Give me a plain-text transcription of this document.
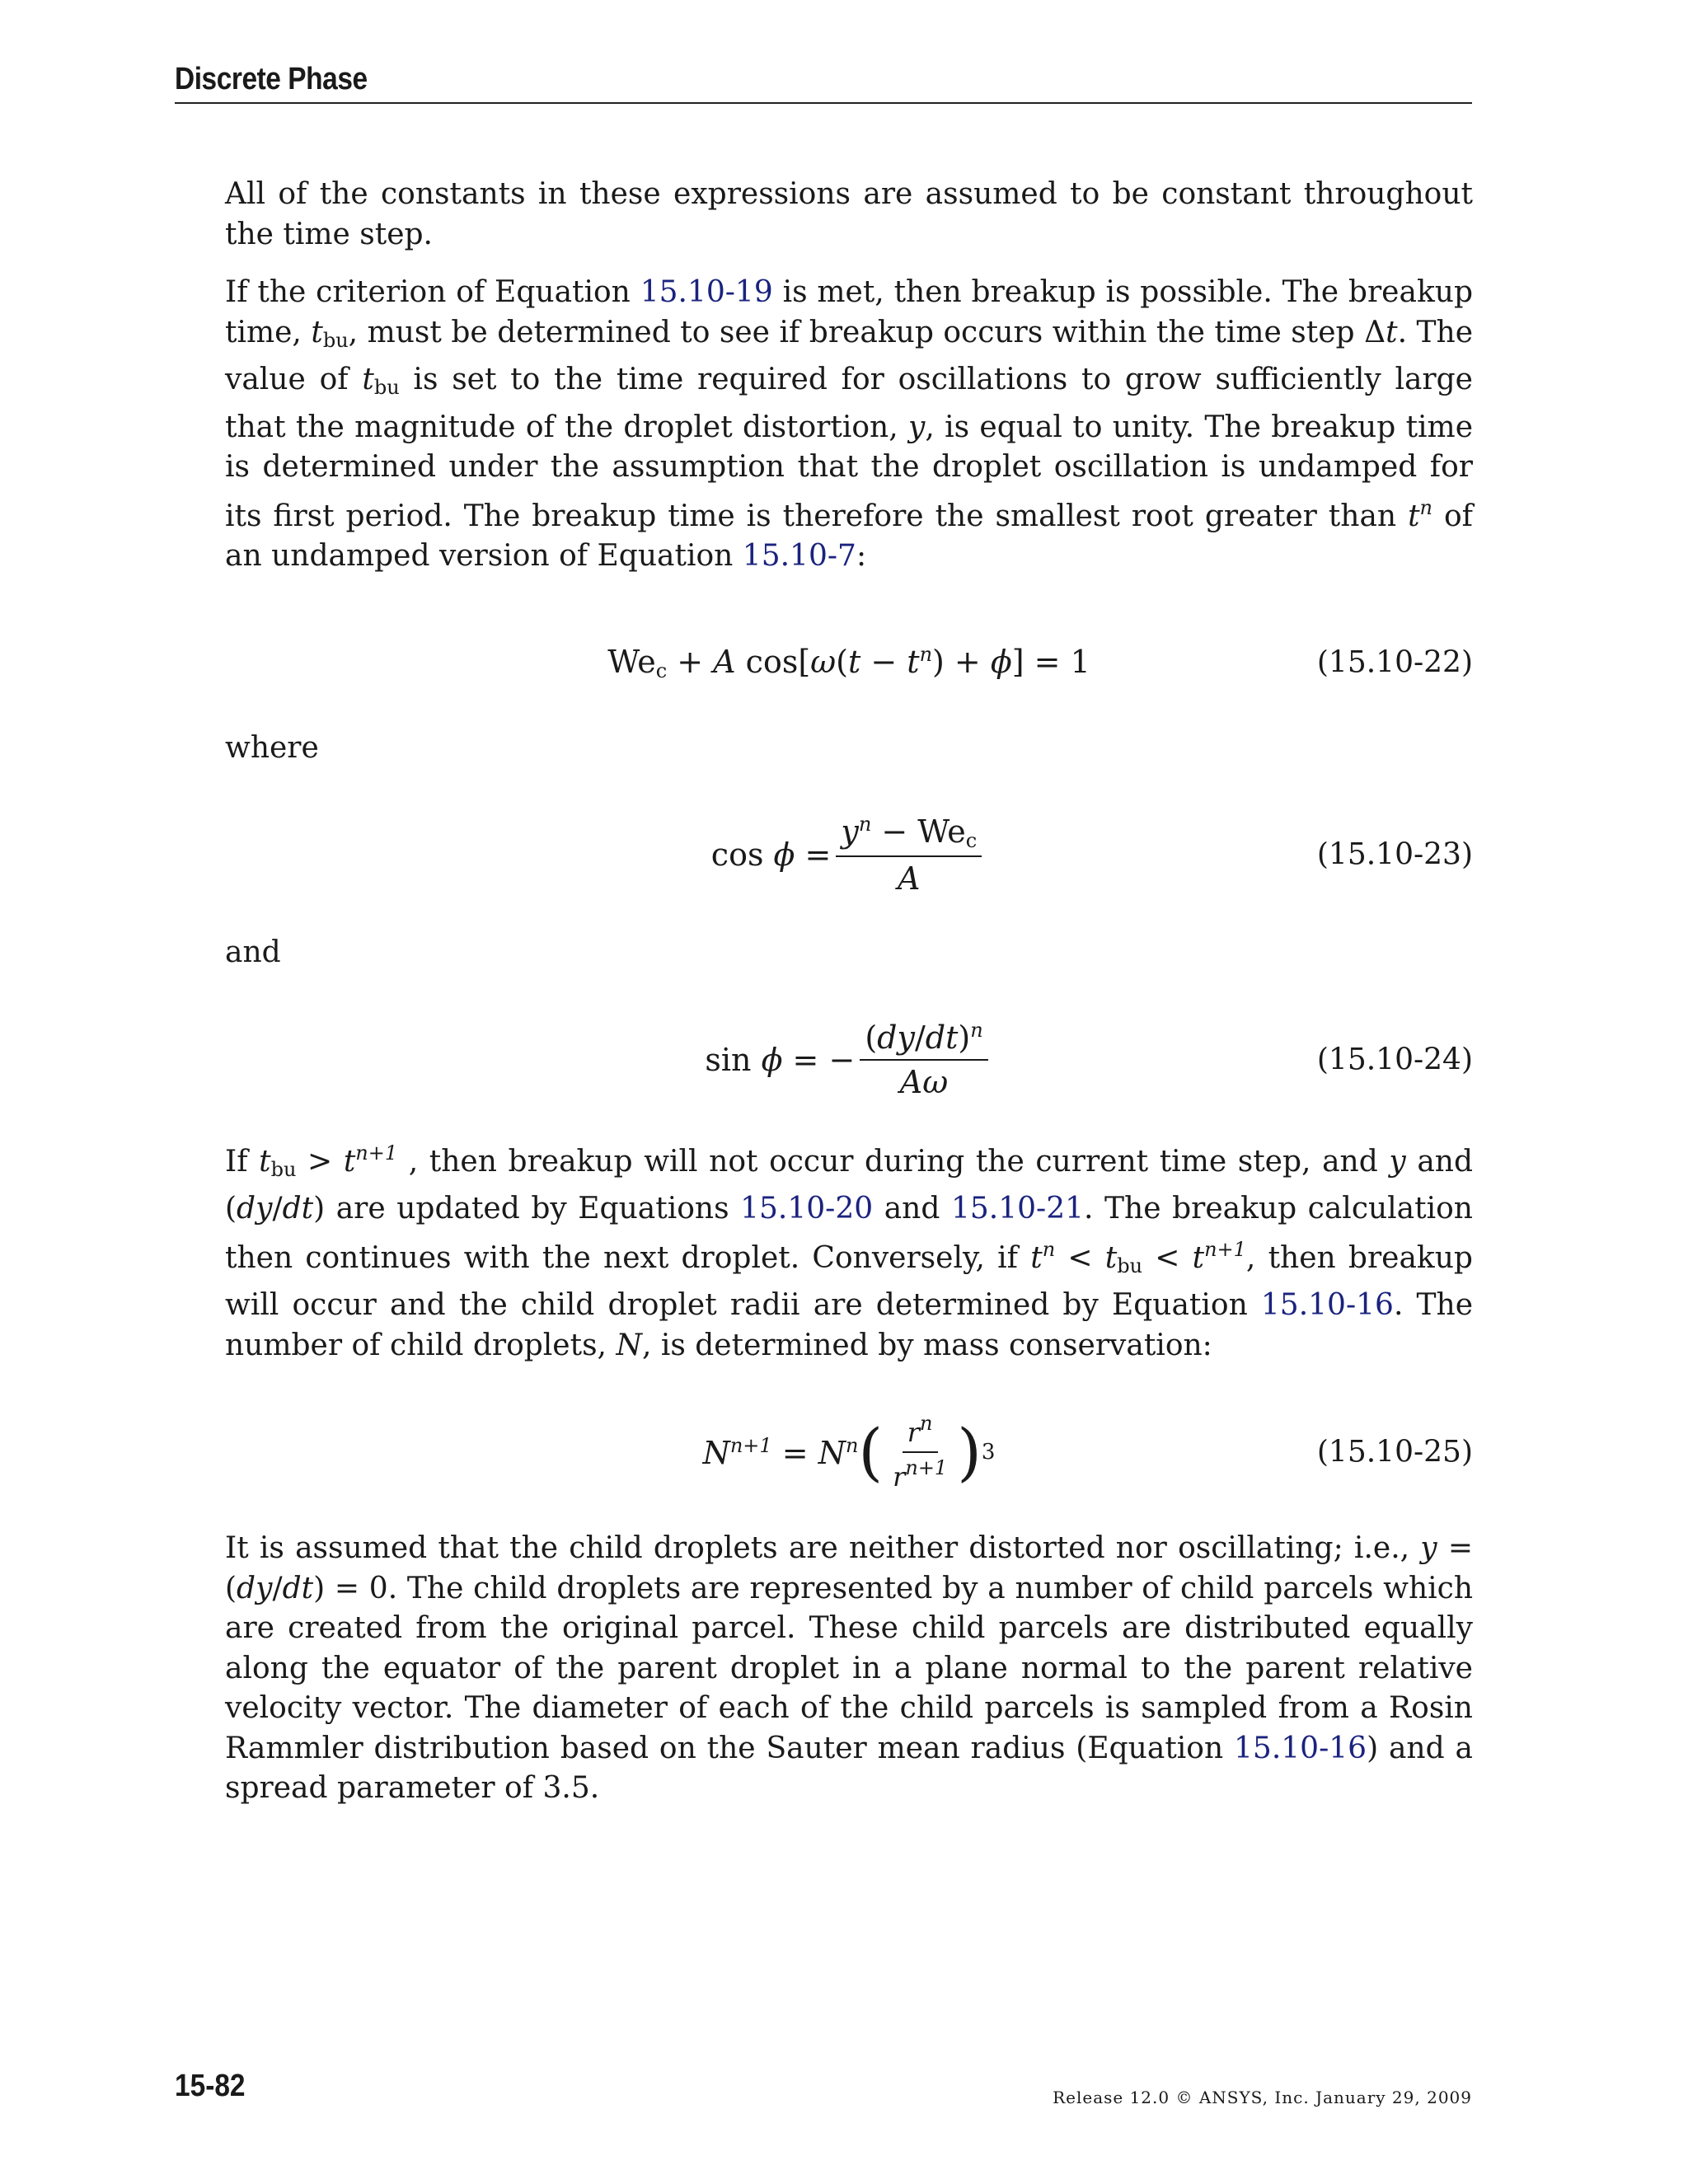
Discrete Phase

All of the constants in these expressions are assumed to be constant throughout the time step.

If the criterion of Equation 15.10-19 is met, then breakup is possible. The breakup time, $t_{bu}$, must be determined to see if breakup occurs within the time step Δt. The value of $t_{bu}$ is set to the time required for oscillations to grow sufficiently large that the magnitude of the droplet distortion, y, is equal to unity. The breakup time is determined under the assumption that the droplet oscillation is undamped for its first period. The breakup time is therefore the smallest root greater than $t^n$ of an undamped version of Equation 15.10-7:

$We_c + A$ $\cos[\omega(t - t^n) + \phi] = 1$	(15.10-22)

where

$\cos \phi = \frac{y^n - We_c}{A}$	(15.10-23)

and

sin ϕ = − $\frac{(dy/dt)^n}{A\omega}$	(15.10-24)

If $t_{bu} > t^{n+1}$ , then breakup will not occur during the current time step, and y and (dy/dt) are updated by Equations 15.10-20 and 15.10-21. The breakup calculation then continues with the next droplet. Conversely, if $t^n < t_{bu} < t^{n+1}$, then breakup will occur and the child droplet radii are determined by Equation 15.10-16. The number of child droplets, N, is determined by mass conservation:

$N^{n+1} = N^n$ ( $\frac{r^n}{r^{n+1}}$ ) 3	(15.10-25)

It is assumed that the child droplets are neither distorted nor oscillating; i.e., y = (dy/dt) = 0. The child droplets are represented by a number of child parcels which are created from the original parcel. These child parcels are distributed equally along the equator of the parent droplet in a plane normal to the parent relative velocity vector. The diameter of each of the child parcels is sampled from a Rosin Rammler distribution based on the Sauter mean radius (Equation 15.10-16) and a spread parameter of 3.5.

15-82	Release 12.0 © ANSYS, Inc. January 29, 2009
